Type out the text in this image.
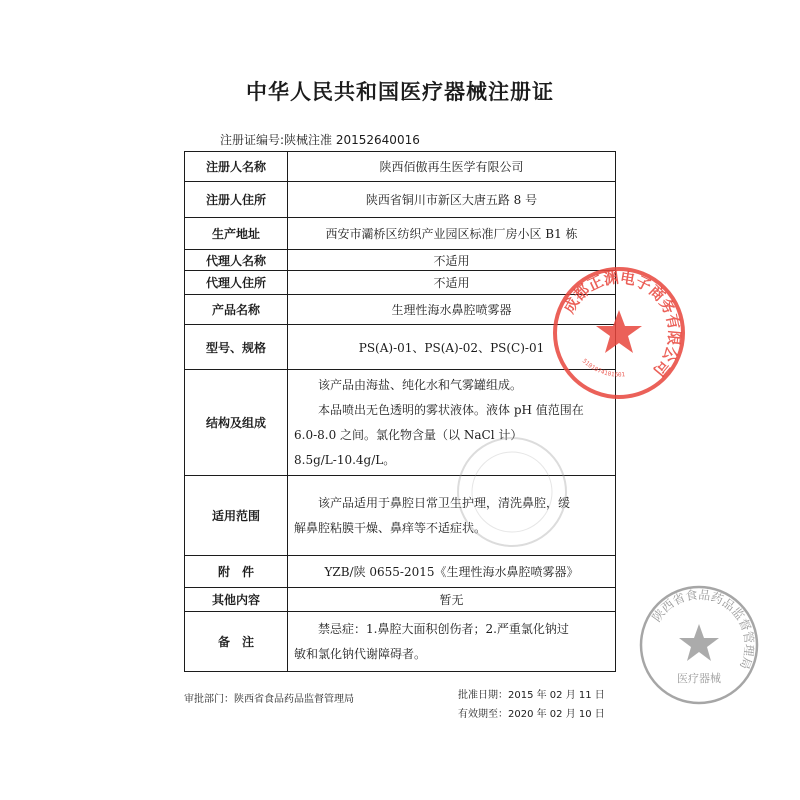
中华人民共和国医疗器械注册证
注册证编号:陕械注准 20152640016
注册人名称	陕西佰傲再生医学有限公司
注册人住所	陕西省铜川市新区大唐五路 8 号
生产地址	西安市灞桥区纺织产业园区标准厂房小区 B1 栋
代理人名称	不适用
代理人住所	不适用
产品名称	生理性海水鼻腔喷雾器
型号、规格	PS(A)-01、PS(A)-02、PS(C)-01
结构及组成	该产品由海盐、纯化水和气雾罐组成。
本品喷出无色透明的雾状液体。液体 pH 值范围在
6.0-8.0 之间。氯化物含量（以 NaCl 计）
8.5g/L-10.4g/L。

适用范围	该产品适用于鼻腔日常卫生护理，清洗鼻腔，缓
解鼻腔粘膜干燥、鼻痒等不适症状。

附　件	YZB/陕 0655-2015《生理性海水鼻腔喷雾器》
其他内容	暂无
备　注	禁忌症：1.鼻腔大面积创伤者；2.严重氯化钠过
敏和氯化钠代谢障碍者。
审批部门：陕西省食品药品监督管理局	批准日期：2015 年 02 月 11 日
有效期至：2020 年 02 月 10 日
成都正渊电子商务有限公司
5101074101601
陕西省食品药品监督管理局
医疗器械
